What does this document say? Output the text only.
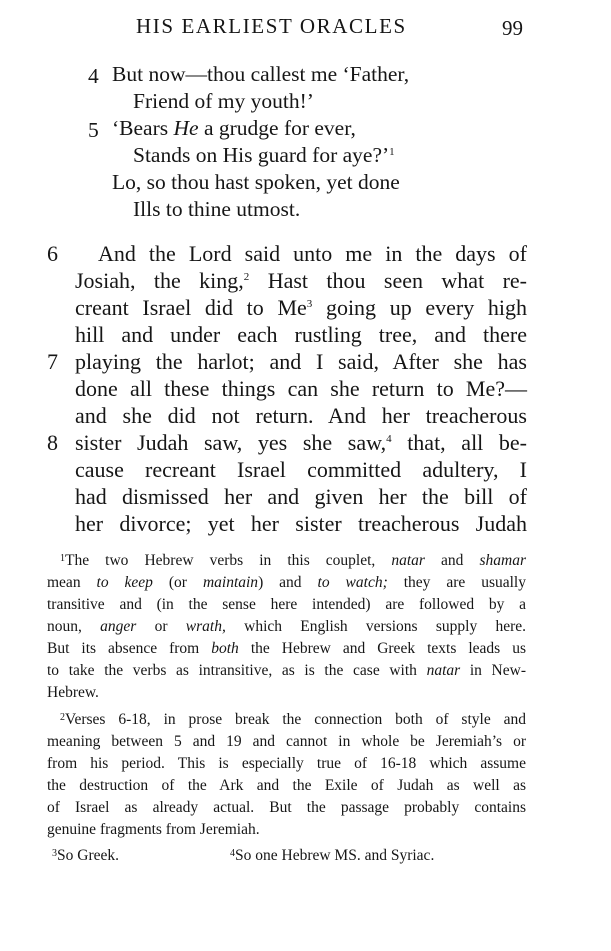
HIS EARLIEST ORACLES	99
4 But now—thou callest me ‘Father,
Friend of my youth!’
5 ‘Bears He a grudge for ever,
Stands on His guard for aye?’$^1$
Lo, so thou hast spoken, yet done
Ills to thine utmost.
6
7
8
And the Lord said unto me in the days of
Josiah, the king,$^2$ Hast thou seen what re-
creant Israel did to Me$^3$ going up every high
hill and under each rustling tree, and there
playing the harlot; and I said, After she has
done all these things can she return to Me?—
and she did not return. And her treacherous
sister Judah saw, yes she saw,$^4$ that, all be-
cause recreant Israel committed adultery, I
had dismissed her and given her the bill of
her divorce; yet her sister treacherous Judah
$^1$The two Hebrew verbs in this couplet, natar and shamar
mean to keep (or maintain) and to watch; they are usually
transitive and (in the sense here intended) are followed by a
noun, anger or wrath, which English versions supply here.
But its absence from both the Hebrew and Greek texts leads us
to take the verbs as intransitive, as is the case with natar in New-
Hebrew.
$^2$Verses 6-18, in prose break the connection both of style and
meaning between 5 and 19 and cannot in whole be Jeremiah’s or
from his period. This is especially true of 16-18 which assume
the destruction of the Ark and the Exile of Judah as well as
of Israel as already actual. But the passage probably contains
genuine fragments from Jeremiah.
$^3$So Greek.	$^4$So one Hebrew MS. and Syriac.
